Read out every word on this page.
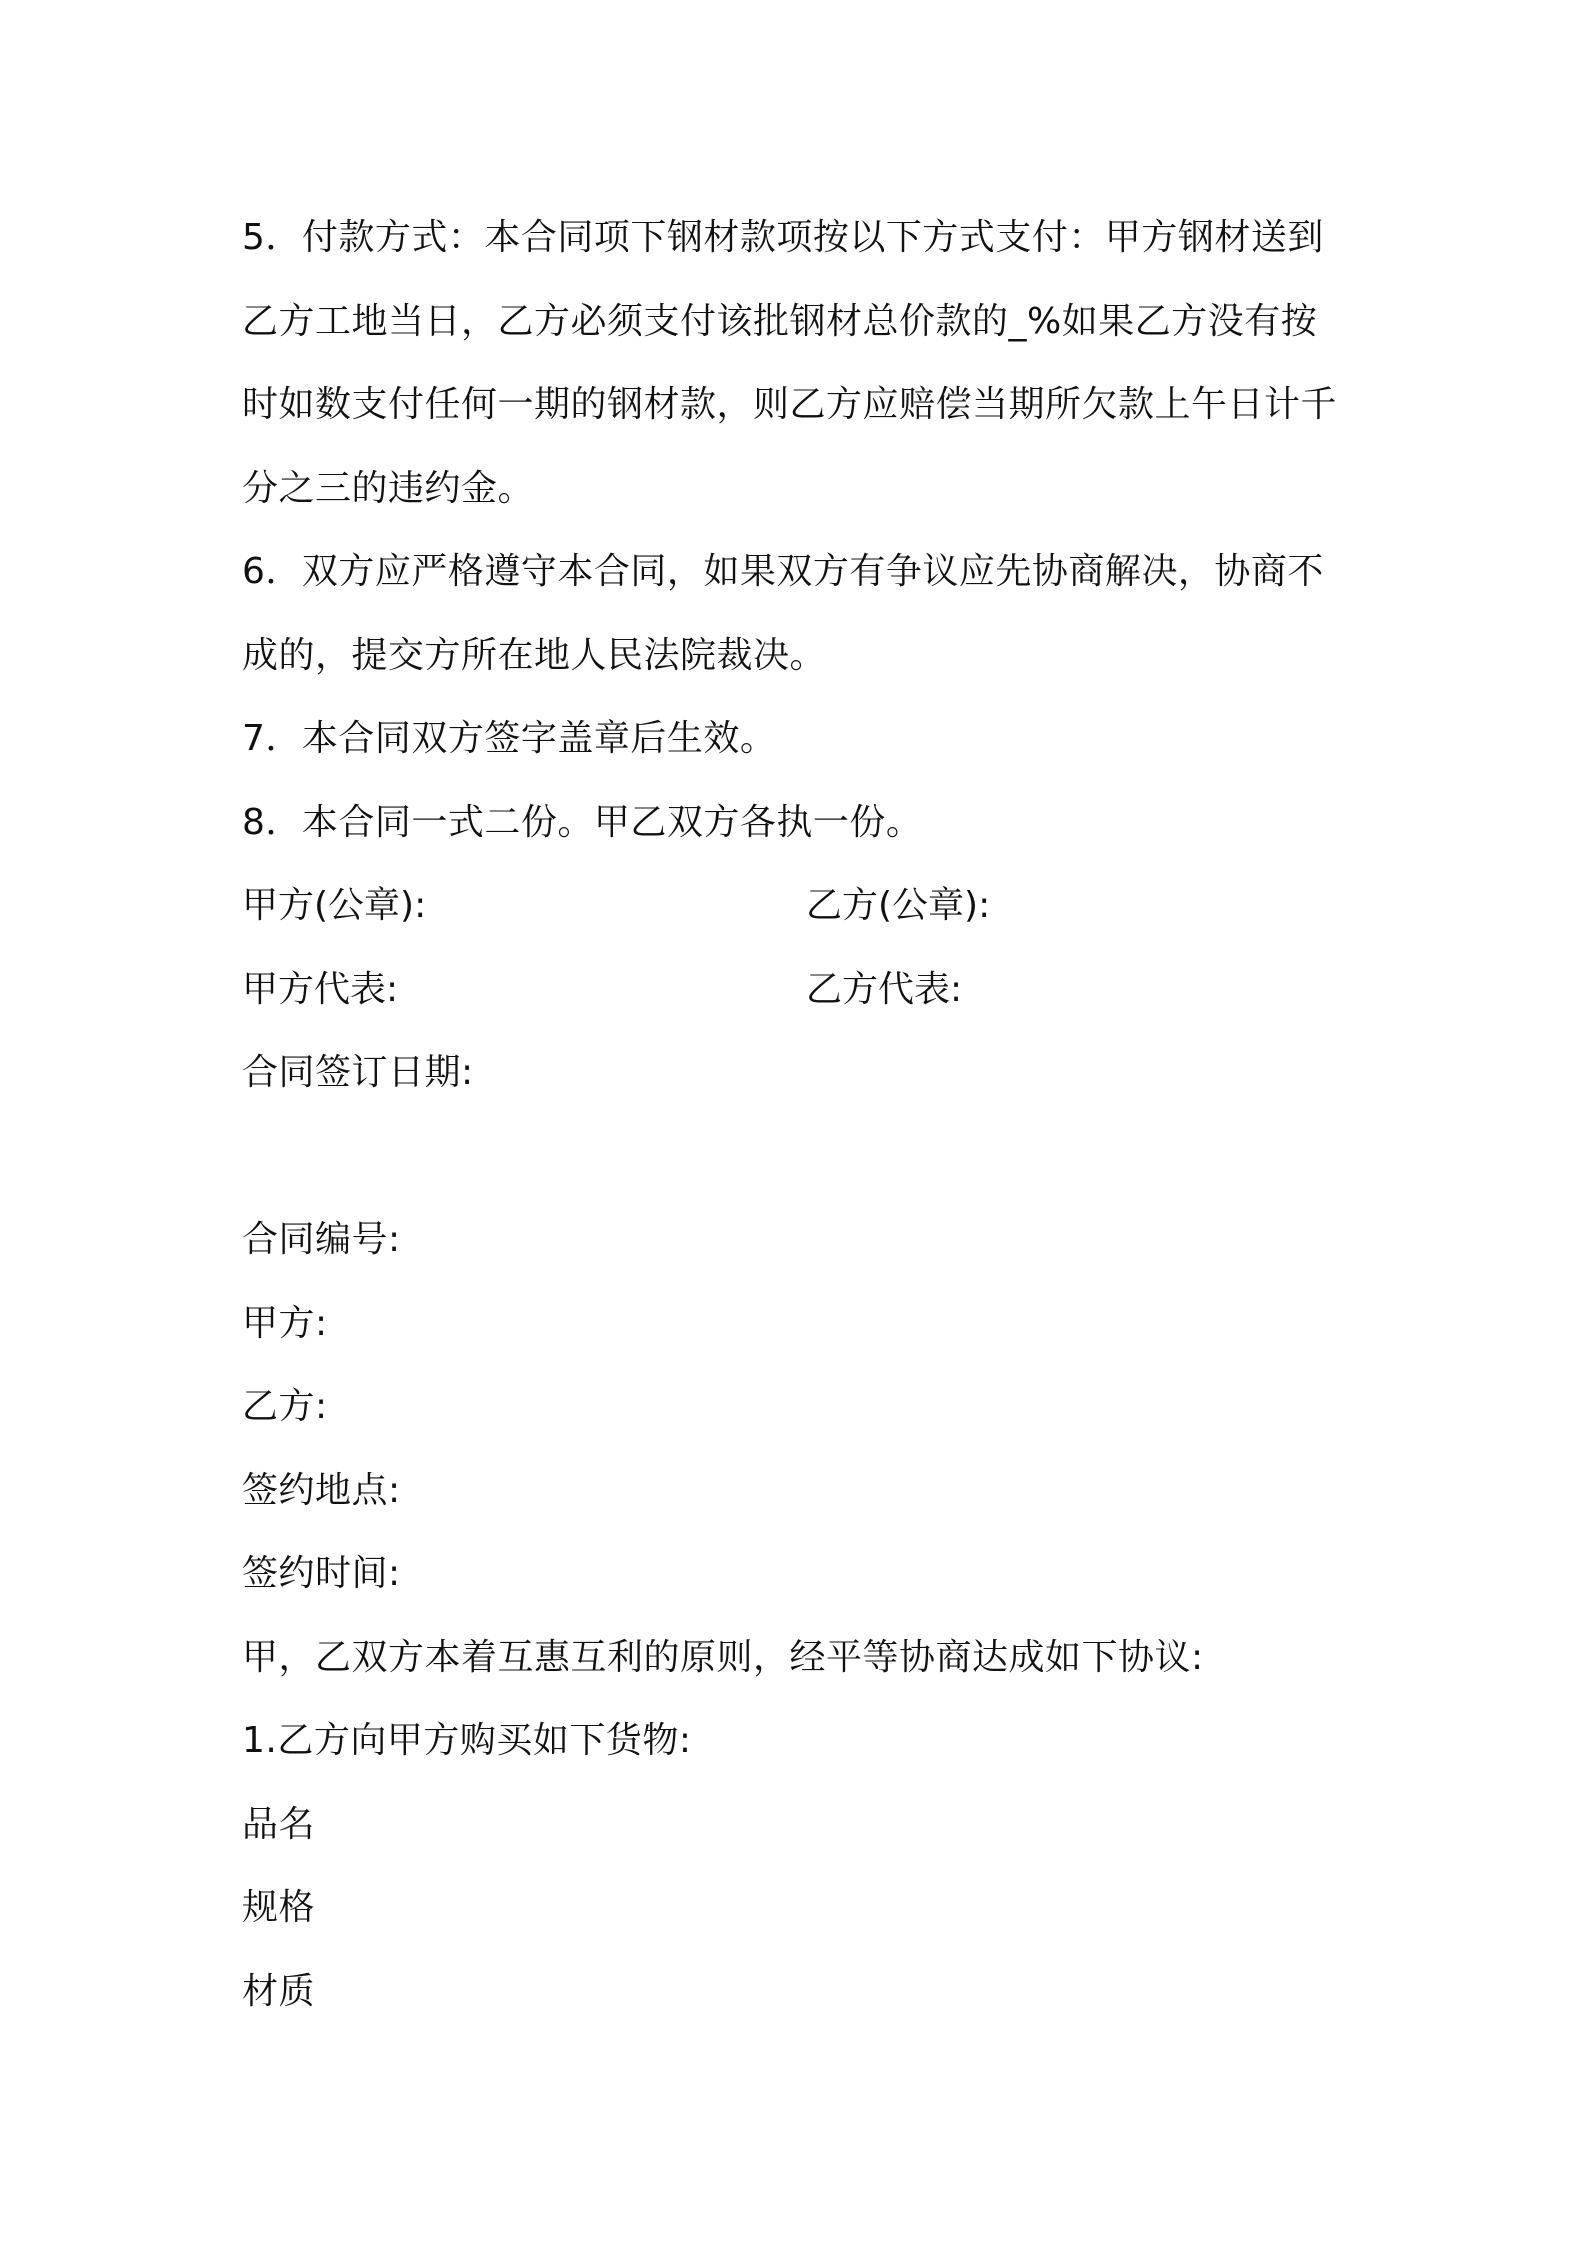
5．付款方式：本合同项下钢材款项按以下方式支付：甲方钢材送到

乙方工地当日，乙方必须支付该批钢材总价款的_%如果乙方没有按

时如数支付任何一期的钢材款，则乙方应赔偿当期所欠款上午日计千

分之三的违约金。

6．双方应严格遵守本合同，如果双方有争议应先协商解决，协商不

成的，提交方所在地人民法院裁决。

7．本合同双方签字盖章后生效。

8．本合同一式二份。甲乙双方各执一份。

甲方(公章):	乙方(公章):
甲方代表:	乙方代表:

合同签订日期:

合同编号:

甲方:

乙方:

签约地点:

签约时间:

甲，乙双方本着互惠互利的原则，经平等协商达成如下协议:

1.乙方向甲方购买如下货物:

品名

规格

材质
